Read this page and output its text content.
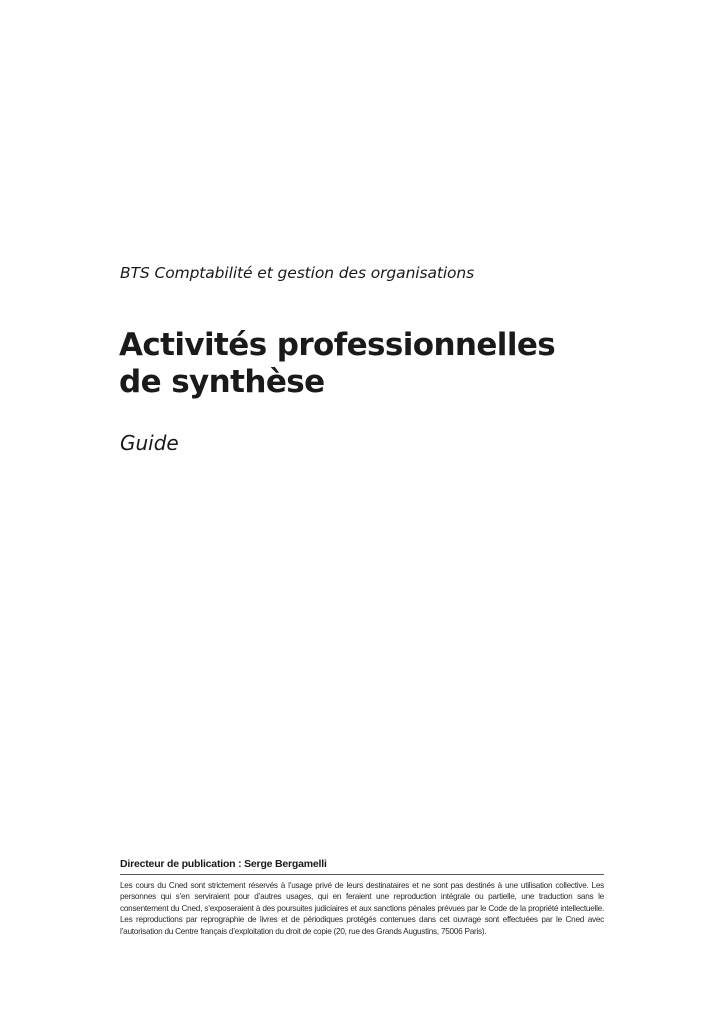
BTS Comptabilité et gestion des organisations
Activités professionnelles
de synthèse
Guide
Directeur de publication : Serge Bergamelli

Les cours du Cned sont strictement réservés à l’usage privé de leurs destinataires et ne sont pas destinés à une utilisation collective. Les personnes qui s’en serviraient pour d’autres usages, qui en feraient une reproduction intégrale ou partielle, une traduction sans le consentement du Cned, s’exposeraient à des poursuites judiciaires et aux sanctions pénales prévues par le Code de la propriété intellectuelle. Les reproductions par reprographie de livres et de périodiques protégés contenues dans cet ouvrage sont effectuées par le Cned avec l’autorisation du Centre français d’exploitation du droit de copie (20, rue des Grands Augustins, 75006 Paris).
